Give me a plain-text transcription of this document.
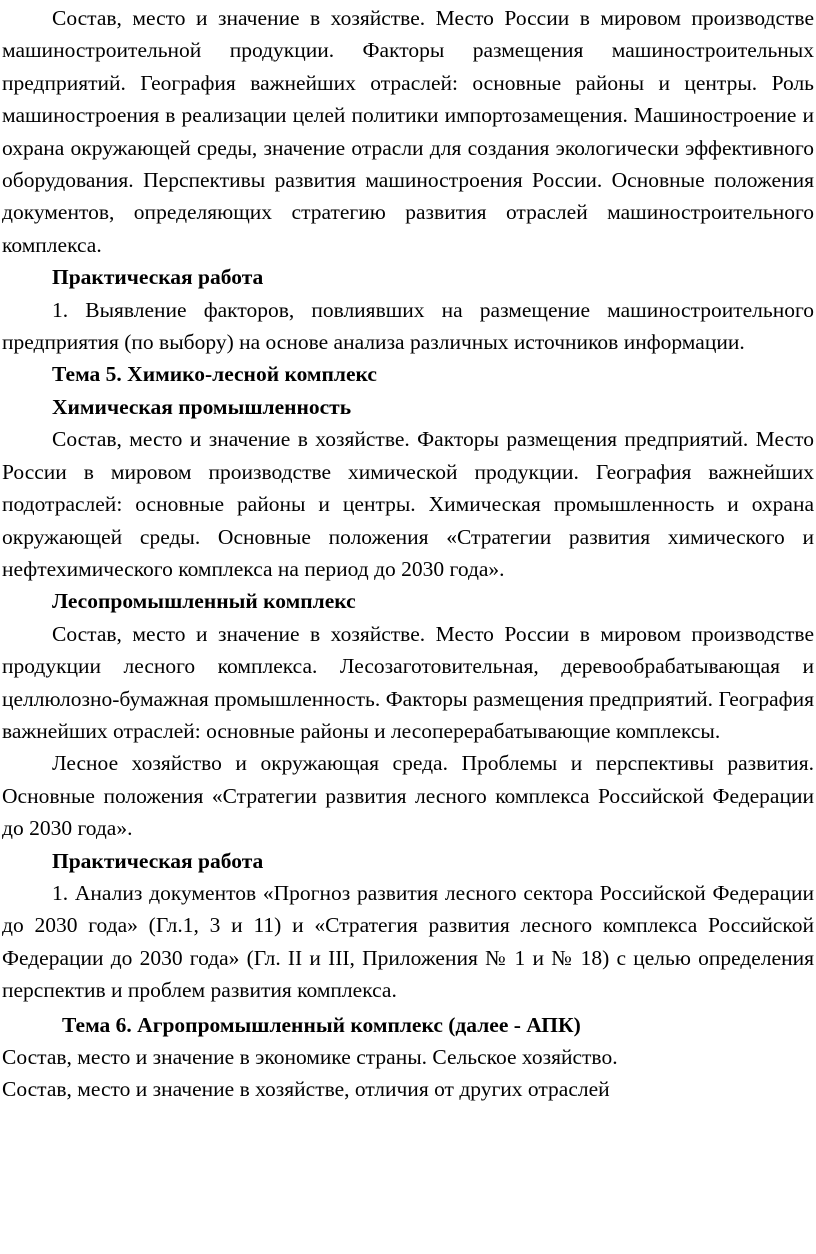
Состав, место и значение в хозяйстве. Место России в мировом производстве машиностроительной продукции. Факторы размещения машиностроительных предприятий. География важнейших отраслей: основные районы и центры. Роль машиностроения в реализации целей политики импортозамещения. Машиностроение и охрана окружающей среды, значение отрасли для создания экологически эффективного оборудования. Перспективы развития машиностроения России. Основные положения документов, определяющих стратегию развития отраслей машиностроительного комплекса.

Практическая работа

1. Выявление факторов, повлиявших на размещение машиностроительного предприятия (по выбору) на основе анализа различных источников информации.

Тема 5. Химико-лесной комплекс

Химическая промышленность

Состав, место и значение в хозяйстве. Факторы размещения предприятий. Место России в мировом производстве химической продукции. География важнейших подотраслей: основные районы и центры. Химическая промышленность и охрана окружающей среды. Основные положения «Стратегии развития химического и нефтехимического комплекса на период до 2030 года».

Лесопромышленный комплекс

Состав, место и значение в хозяйстве. Место России в мировом производстве продукции лесного комплекса. Лесозаготовительная, деревообрабатывающая и целлюлозно-бумажная промышленность. Факторы размещения предприятий. География важнейших отраслей: основные районы и лесоперерабатывающие комплексы.

Лесное хозяйство и окружающая среда. Проблемы и перспективы развития. Основные положения «Стратегии развития лесного комплекса Российской Федерации до 2030 года».

Практическая работа

1. Анализ документов «Прогноз развития лесного сектора Российской Федерации до 2030 года» (Гл.1, 3 и 11) и «Стратегия развития лесного комплекса Российской Федерации до 2030 года» (Гл. II и III, Приложения № 1 и № 18) с целью определения перспектив и проблем развития комплекса.

Тема 6. Агропромышленный комплекс (далее - АПК)

Состав, место и значение в экономике страны. Сельское хозяйство.

Состав, место и значение в хозяйстве, отличия от других отраслей
